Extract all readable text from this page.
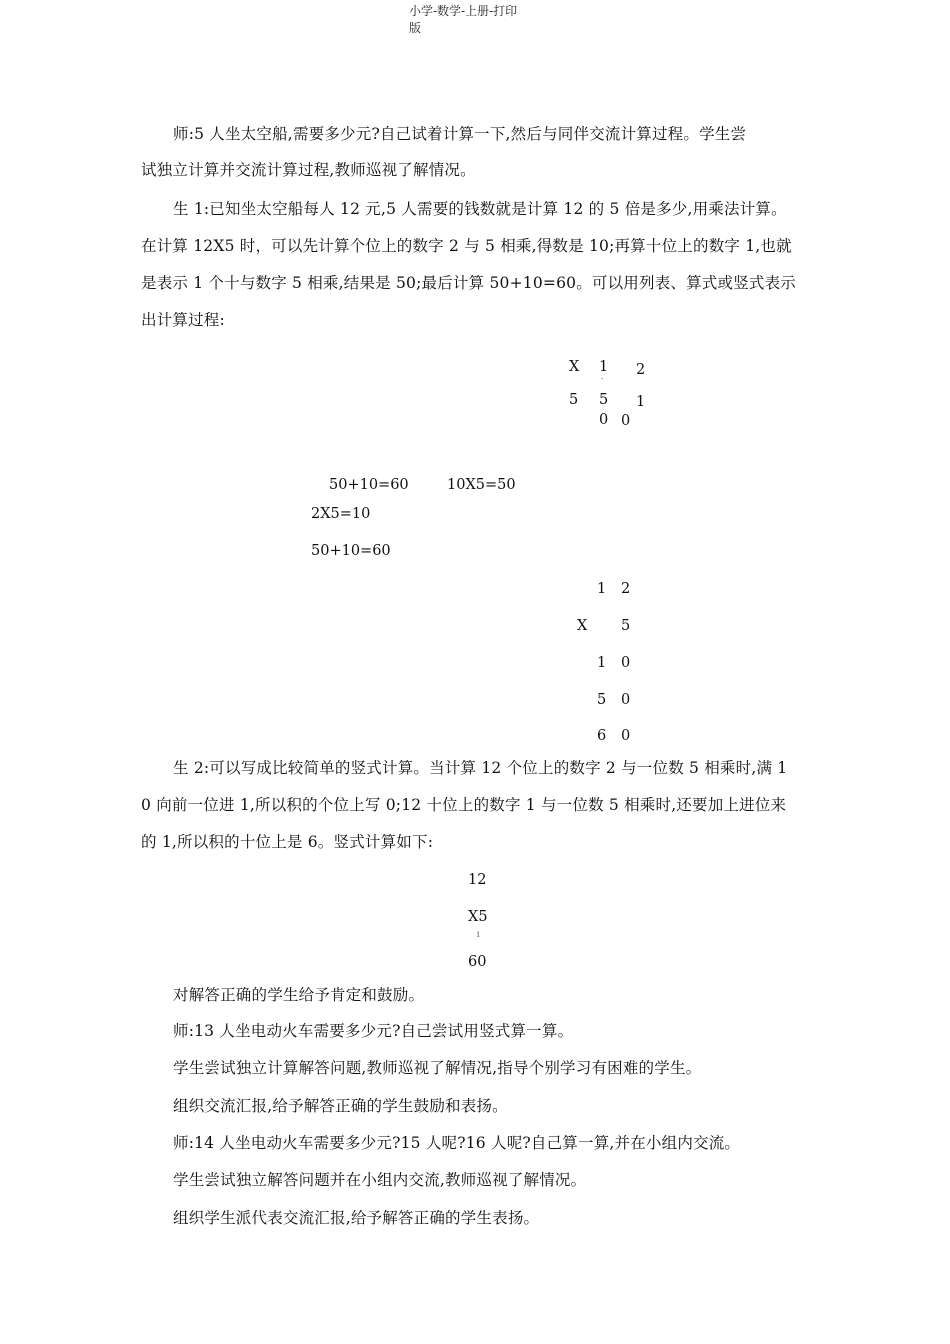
小学-数学-上册-打印
版
师:5 人坐太空船,需要多少元?自己试着计算一下,然后与同伴交流计算过程。学生尝
试独立计算并交流计算过程,教师巡视了解情况。
生 1:已知坐太空船每人 12 元,5 人需要的钱数就是计算 12 的 5 倍是多少,用乘法计算。
在计算 12X5 时，可以先计算个位上的数字 2 与 5 相乘,得数是 10;再算十位上的数字 1,也就
是表示 1 个十与数字 5 相乘,结果是 50;最后计算 50+10=60。可以用列表、算式或竖式表示
出计算过程:
X 1 2
-
5 5 1
0 0
50+10=60	10X5=50
2X5=10
50+10=60
1 2
X 5
1 0
5 0
6 0
生 2:可以写成比较简单的竖式计算。当计算 12 个位上的数字 2 与一位数 5 相乘时,满 1
0 向前一位进 1,所以积的个位上写 0;12 十位上的数字 1 与一位数 5 相乘时,还要加上进位来
的 1,所以积的十位上是 6。竖式计算如下:
12
X5
1
60
对解答正确的学生给予肯定和鼓励。
师:13 人坐电动火车需要多少元?自己尝试用竖式算一算。
学生尝试独立计算解答问题,教师巡视了解情况,指导个别学习有困难的学生。
组织交流汇报,给予解答正确的学生鼓励和表扬。
师:14 人坐电动火车需要多少元?15 人呢?16 人呢?自己算一算,并在小组内交流。
学生尝试独立解答问题并在小组内交流,教师巡视了解情况。
组织学生派代表交流汇报,给予解答正确的学生表扬。
